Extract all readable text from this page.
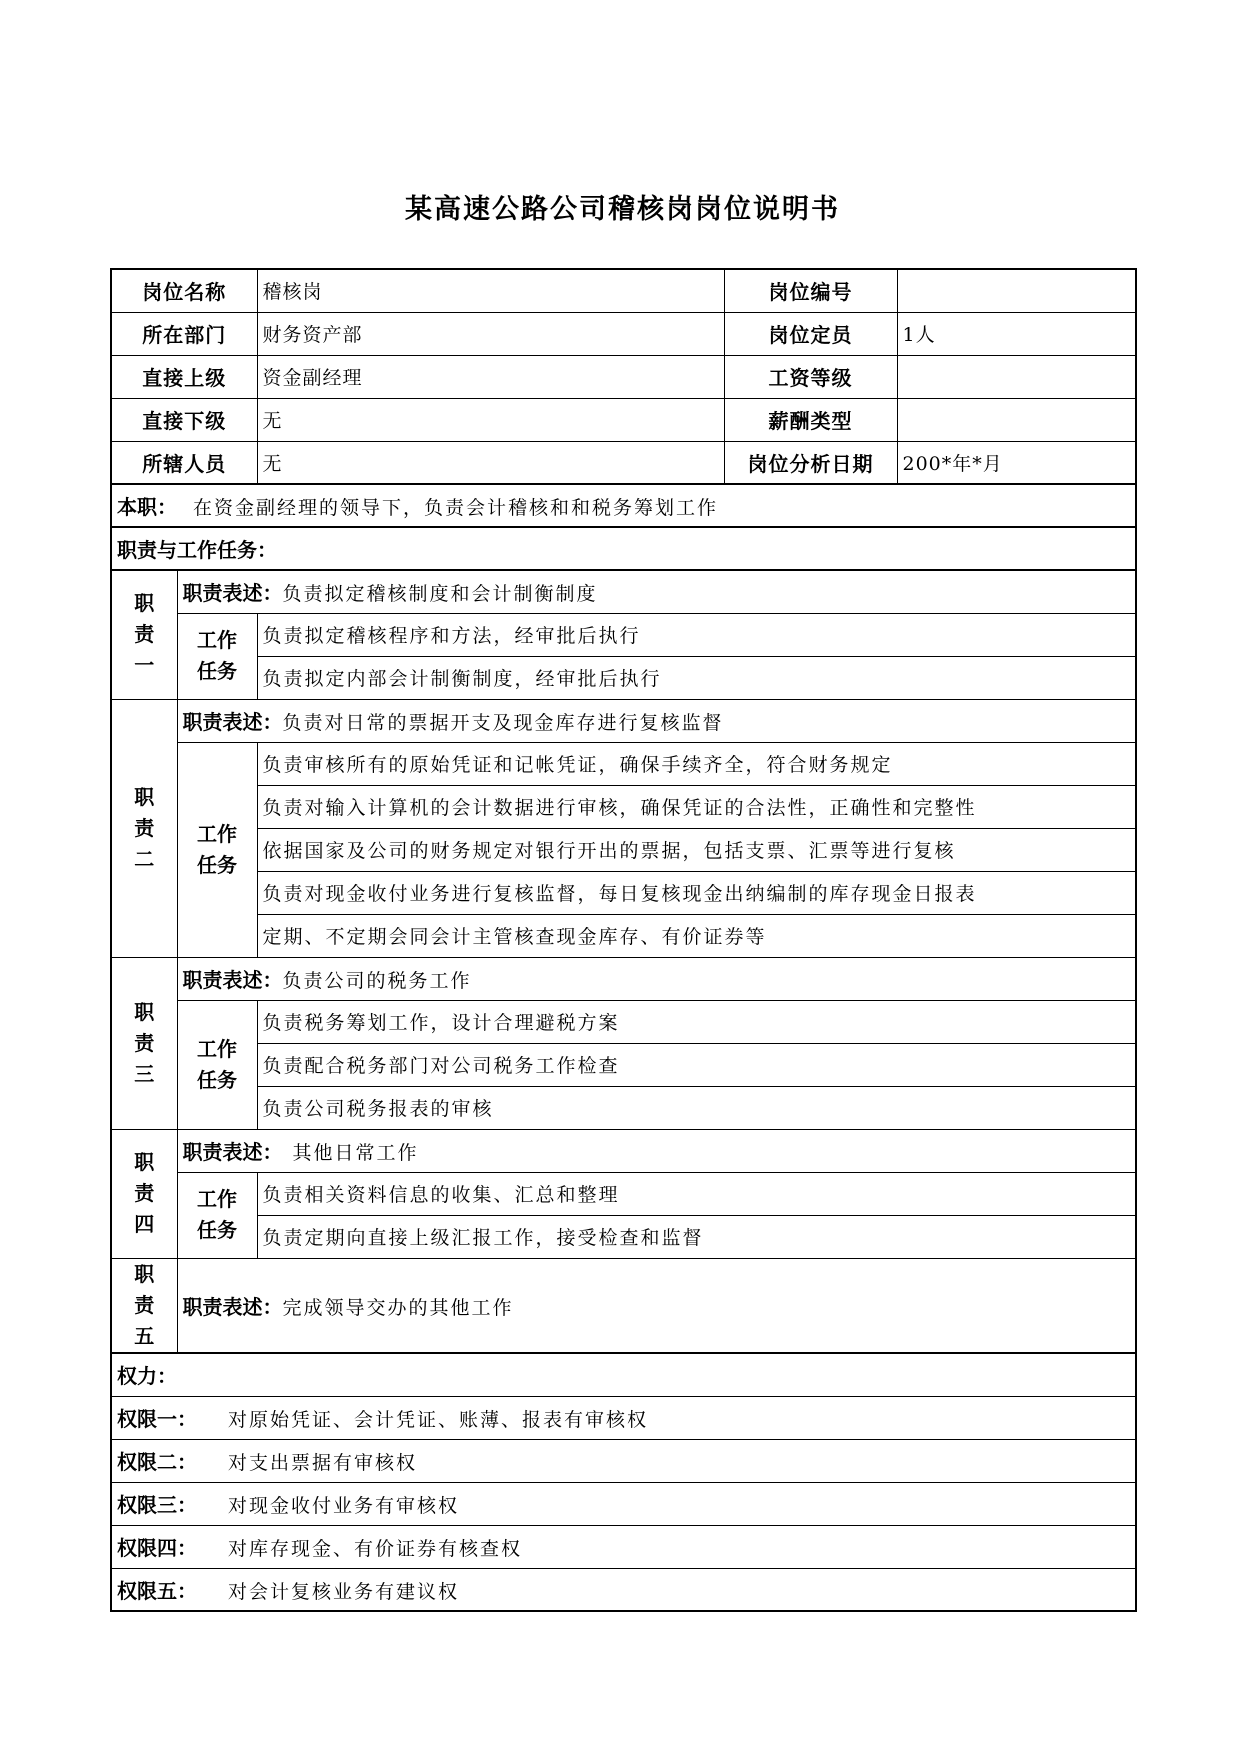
某高速公路公司稽核岗岗位说明书
岗位名称		稽核岗	岗位编号	
所在部门		财务资产部	岗位定员	1人
直接上级		资金副经理	工资等级	
直接下级		无	薪酬类型	
所辖人员		无	岗位分析日期	200*年*月
本职： 在资金副经理的领导下，负责会计稽核和和税务筹划工作				
职责与工作任务：				

职责一	职责表述：负责拟定稽核制度和会计制衡制度			

	工作任务	负责拟定稽核程序和方法，经审批后执行		
		负责拟定内部会计制衡制度，经审批后执行		

职责二	职责表述：负责对日常的票据开支及现金库存进行复核监督			

	工作任务	负责审核所有的原始凭证和记帐凭证，确保手续齐全，符合财务规定		
		负责对输入计算机的会计数据进行审核，确保凭证的合法性，正确性和完整性		
		依据国家及公司的财务规定对银行开出的票据，包括支票、汇票等进行复核		
		负责对现金收付业务进行复核监督，每日复核现金出纳编制的库存现金日报表		
		定期、不定期会同会计主管核查现金库存、有价证券等		

职责三	职责表述：负责公司的税务工作			

	工作任务	负责税务筹划工作，设计合理避税方案		
		负责配合税务部门对公司税务工作检查		
		负责公司税务报表的审核		

职责四	职责表述： 其他日常工作			

	工作任务	负责相关资料信息的收集、汇总和整理		
		负责定期向直接上级汇报工作，接受检查和监督		

职责五	职责表述：完成领导交办的其他工作			
权力：				
权限一： 对原始凭证、会计凭证、账薄、报表有审核权				
权限二： 对支出票据有审核权				
权限三： 对现金收付业务有审核权				
权限四： 对库存现金、有价证券有核查权				
权限五： 对会计复核业务有建议权				
